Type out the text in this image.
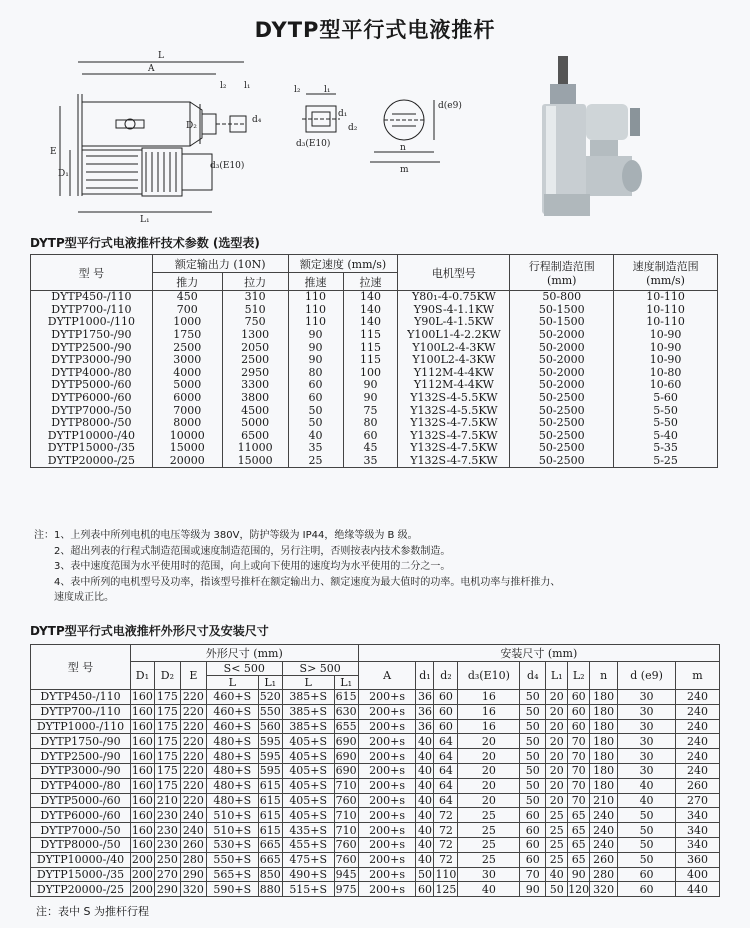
DYTP型平行式电液推杆
L
A
E
D₂
D₁
L₁
l₂ l₁
d₄
d₃(E10)
l₂	l₁
d₁
d₂
d₃(E10)
d(e9)
n
m
DYTP型平行式电液推杆技术参数 (选型表)
型 号	额定输出力 (10N)		额定速度 (mm/s)		电机型号	行程制造范围
(mm)	速度制造范围
(mm/s)
	推力	拉力	推速	拉速			
DYTP450-/110	450	310	110	140	Y80₁-4-0.75KW	50-800	10-110
DYTP700-/110	700	510	110	140	Y90S-4-1.1KW	50-1500	10-110
DYTP1000-/110	1000	750	110	140	Y90L-4-1.5KW	50-1500	10-110
DYTP1750-/90	1750	1300	90	115	Y100L1-4-2.2KW	50-2000	10-90
DYTP2500-/90	2500	2050	90	115	Y100L2-4-3KW	50-2000	10-90
DYTP3000-/90	3000	2500	90	115	Y100L2-4-3KW	50-2000	10-90
DYTP4000-/80	4000	2950	80	100	Y112M-4-4KW	50-2000	10-80
DYTP5000-/60	5000	3300	60	90	Y112M-4-4KW	50-2000	10-60
DYTP6000-/60	6000	3800	60	90	Y132S-4-5.5KW	50-2500	5-60
DYTP7000-/50	7000	4500	50	75	Y132S-4-5.5KW	50-2500	5-50
DYTP8000-/50	8000	5000	50	80	Y132S-4-7.5KW	50-2500	5-50
DYTP10000-/40	10000	6500	40	60	Y132S-4-7.5KW	50-2500	5-40
DYTP15000-/35	15000	11000	35	45	Y132S-4-7.5KW	50-2500	5-35
DYTP20000-/25	20000	15000	25	35	Y132S-4-7.5KW	50-2500	5-25
注：1、上列表中所列电机的电压等级为 380V，防护等级为 IP44，绝缘等级为 B 级。
2、超出列表的行程式制造范围或速度制造范围的，另行注明，否则按表内技术参数制造。
3、表中速度范围为水平使用时的范围，向上或向下使用的速度均为水平使用的二分之一。
4、表中所列的电机型号及功率，指该型号推杆在额定输出力、额定速度为最大值时的功率。电机功率与推杆推力、
速度成正比。
DYTP型平行式电液推杆外形尺寸及安装尺寸
型 号	外形尺寸 (mm)							安装尺寸 (mm)									
	D₁	D₂	E	S< 500		S> 500		A	d₁	d₂	d₃(E10)	d₄	L₁	L₂	n	d (e9)	m
				L	L₁	L	L₁										
DYTP450-/110	160	175	220	460+S	520	385+S	615	200+s	36	60	16	50	20	60	180	30	240
DYTP700-/110	160	175	220	460+S	550	385+S	630	200+s	36	60	16	50	20	60	180	30	240
DYTP1000-/110	160	175	220	460+S	560	385+S	655	200+s	36	60	16	50	20	60	180	30	240
DYTP1750-/90	160	175	220	480+S	595	405+S	690	200+s	40	64	20	50	20	70	180	30	240
DYTP2500-/90	160	175	220	480+S	595	405+S	690	200+s	40	64	20	50	20	70	180	30	240
DYTP3000-/90	160	175	220	480+S	595	405+S	690	200+s	40	64	20	50	20	70	180	30	240
DYTP4000-/80	160	175	220	480+S	615	405+S	710	200+s	40	64	20	50	20	70	180	40	260
DYTP5000-/60	160	210	220	480+S	615	405+S	760	200+s	40	64	20	50	20	70	210	40	270
DYTP6000-/60	160	230	240	510+S	615	405+S	710	200+s	40	72	25	60	25	65	240	50	340
DYTP7000-/50	160	230	240	510+S	615	435+S	710	200+s	40	72	25	60	25	65	240	50	340
DYTP8000-/50	160	230	260	530+S	665	455+S	760	200+s	40	72	25	60	25	65	240	50	340
DYTP10000-/40	200	250	280	550+S	665	475+S	760	200+s	40	72	25	60	25	65	260	50	360
DYTP15000-/35	200	270	290	565+S	850	490+S	945	200+s	50	110	30	70	40	90	280	60	400
DYTP20000-/25	200	290	320	590+S	880	515+S	975	200+s	60	125	40	90	50	120	320	60	440
注：表中 S 为推杆行程
